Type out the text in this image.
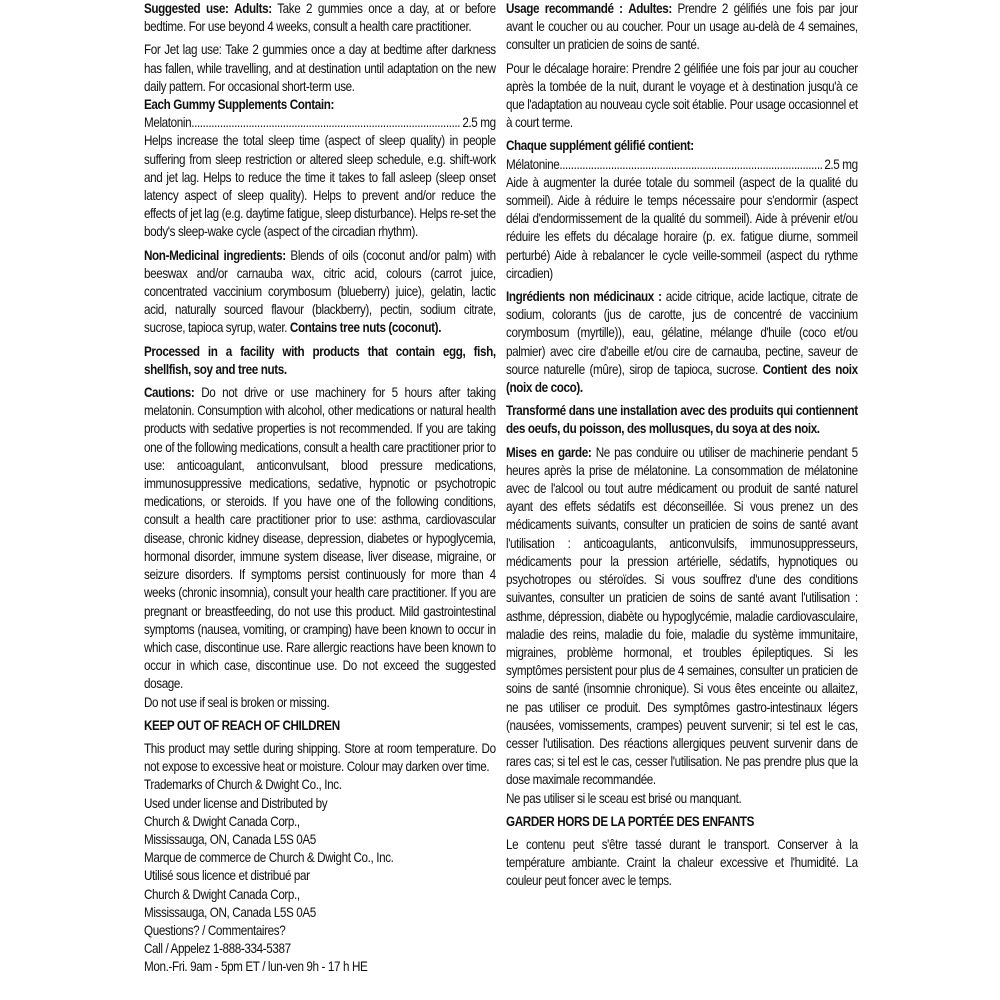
Suggested use: Adults: Take 2 gummies once a day, at or before bedtime. For use beyond 4 weeks, consult a health care practitioner.

For Jet lag use: Take 2 gummies once a day at bedtime after darkness has fallen, while travelling, and at destination until adaptation on the new daily pattern. For occasional short-term use.

Each Gummy Supplements Contain:

Melatonin .....	2.5 mg

Helps increase the total sleep time (aspect of sleep quality) in people suffering from sleep restriction or altered sleep schedule, e.g. shift-work and jet lag. Helps to reduce the time it takes to fall asleep (sleep onset latency aspect of sleep quality). Helps to prevent and/or reduce the effects of jet lag (e.g. daytime fatigue, sleep disturbance). Helps re-set the body's sleep-wake cycle (aspect of the circadian rhythm).

Non-Medicinal ingredients: Blends of oils (coconut and/or palm) with beeswax and/or carnauba wax, citric acid, colours (carrot juice, concentrated vaccinium corymbosum (blueberry) juice), gelatin, lactic acid, naturally sourced flavour (blackberry), pectin, sodium citrate, sucrose, tapioca syrup, water. Contains tree nuts (coconut).

Processed in a facility with products that contain egg, fish, shellfish, soy and tree nuts.

Cautions: Do not drive or use machinery for 5 hours after taking melatonin. Consumption with alcohol, other medications or natural health products with sedative properties is not recommended. If you are taking one of the following medications, consult a health care practitioner prior to use: anticoagulant, anticonvulsant, blood pressure medications, immunosuppressive medications, sedative, hypnotic or psychotropic medications, or steroids. If you have one of the following conditions, consult a health care practitioner prior to use: asthma, cardiovascular disease, chronic kidney disease, depression, diabetes or hypoglycemia, hormonal disorder, immune system disease, liver disease, migraine, or seizure disorders. If symptoms persist continuously for more than 4 weeks (chronic insomnia), consult your health care practitioner. If you are pregnant or breastfeeding, do not use this product. Mild gastrointestinal symptoms (nausea, vomiting, or cramping) have been known to occur in which case, discontinue use. Rare allergic reactions have been known to occur in which case, discontinue use. Do not exceed the suggested dosage.

Do not use if seal is broken or missing.

KEEP OUT OF REACH OF CHILDREN

This product may settle during shipping. Store at room temperature. Do not expose to excessive heat or moisture. Colour may darken over time.

Trademarks of Church & Dwight Co., Inc.
Used under license and Distributed by
Church & Dwight Canada Corp.,
Mississauga, ON, Canada L5S 0A5
Marque de commerce de Church & Dwight Co., Inc.
Utilisé sous licence et distribué par
Church & Dwight Canada Corp.,
Mississauga, ON, Canada L5S 0A5
Questions? / Commentaires?
Call / Appelez 1-888-334-5387
Mon.-Fri. 9am - 5pm ET / lun-ven 9h - 17 h HE

Usage recommandé : Adultes: Prendre 2 gélifiés une fois par jour avant le coucher ou au coucher. Pour un usage au-delà de 4 semaines, consulter un praticien de soins de santé.

Pour le décalage horaire: Prendre 2 gélifiée une fois par jour au coucher après la tombée de la nuit, durant le voyage et à destination jusqu'à ce que l'adaptation au nouveau cycle soit établie. Pour usage occasionnel et à court terme.

Chaque supplément gélifié contient:

Mélatonine .....	2.5 mg

Aide à augmenter la durée totale du sommeil (aspect de la qualité du sommeil). Aide à réduire le temps nécessaire pour s'endormir (aspect délai d'endormissement de la qualité du sommeil). Aide à prévenir et/ou réduire les effets du décalage horaire (p. ex. fatigue diurne, sommeil perturbé) Aide à rebalancer le cycle veille-sommeil (aspect du rythme circadien)

Ingrédients non médicinaux : acide citrique, acide lactique, citrate de sodium, colorants (jus de carotte, jus de concentré de vaccinium corymbosum (myrtille)), eau, gélatine, mélange d'huile (coco et/ou palmier) avec cire d'abeille et/ou cire de carnauba, pectine, saveur de source naturelle (mûre), sirop de tapioca, sucrose. Contient des noix (noix de coco).

Transformé dans une installation avec des produits qui contiennent des oeufs, du poisson, des mollusques, du soya at des noix.

Mises en garde: Ne pas conduire ou utiliser de machinerie pendant 5 heures après la prise de mélatonine. La consommation de mélatonine avec de l'alcool ou tout autre médicament ou produit de santé naturel ayant des effets sédatifs est déconseillée. Si vous prenez un des médicaments suivants, consulter un praticien de soins de santé avant l'utilisation : anticoagulants, anticonvulsifs, immunosuppresseurs, médicaments pour la pression artérielle, sédatifs, hypnotiques ou psychotropes ou stéroïdes. Si vous souffrez d'une des conditions suivantes, consulter un praticien de soins de santé avant l'utilisation : asthme, dépression, diabète ou hypoglycémie, maladie cardiovasculaire, maladie des reins, maladie du foie, maladie du système immunitaire, migraines, problème hormonal, et troubles épileptiques. Si les symptômes persistent pour plus de 4 semaines, consulter un praticien de soins de santé (insomnie chronique). Si vous êtes enceinte ou allaitez, ne pas utiliser ce produit. Des symptômes gastro-intestinaux légers (nausées, vomissements, crampes) peuvent survenir; si tel est le cas, cesser l'utilisation. Des réactions allergiques peuvent survenir dans de rares cas; si tel est le cas, cesser l'utilisation. Ne pas prendre plus que la dose maximale recommandée.

Ne pas utiliser si le sceau est brisé ou manquant.

GARDER HORS DE LA PORTÉE DES ENFANTS

Le contenu peut s'être tassé durant le transport. Conserver à la température ambiante. Craint la chaleur excessive et l'humidité. La couleur peut foncer avec le temps.
